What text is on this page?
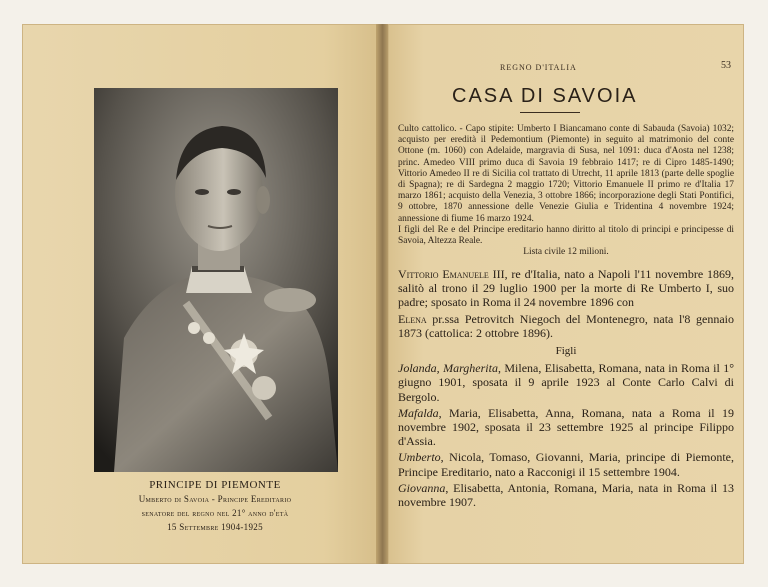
PRINCIPE DI PIEMONTE
Umberto di Savoia - Principe Ereditario
senatore del regno nel 21° anno d'età
15 Settembre 1904-1925
REGNO D'ITALIA	53
CASA DI SAVOIA

Culto cattolico. - Capo stipite: Umberto I Biancamano conte di Sabauda (Savoia) 1032; acquisto per eredità il Pedemontium (Piemonte) in seguito al matrimonio del conte Ottone (m. 1060) con Adelaide, margravia di Susa, nel 1091: duca d'Aosta nel 1238; princ. Amedeo VIII primo duca di Savoia 19 febbraio 1417; re di Cipro 1485-1490; Vittorio Amedeo II re di Sicilia col trattato di Utrecht, 11 aprile 1813 (parte delle spoglie di Spagna); re di Sardegna 2 maggio 1720; Vittorio Emanuele II primo re d'Italia 17 marzo 1861; acquisto della Venezia, 3 ottobre 1866; incorporazione degli Stati Pontifici, 9 ottobre, 1870 annessione delle Venezie Giulia e Tridentina 4 novembre 1924; annessione di fiume 16 marzo 1924.

I figli del Re e del Principe ereditario hanno diritto al titolo di principi e principesse di Savoia, Altezza Reale.

Lista civile 12 milioni.

Vittorio Emanuele III, re d'Italia, nato a Napoli l'11 novembre 1869, salitò al trono il 29 luglio 1900 per la morte di Re Umberto I, suo padre; sposato in Roma il 24 novembre 1896 con

Elena pr.ssa Petrovitch Niegoch del Montenegro, nata l'8 gennaio 1873 (cattolica: 2 ottobre 1896).

Figli

Jolanda, Margherita, Milena, Elisabetta, Romana, nata in Roma il 1° giugno 1901, sposata il 9 aprile 1923 al Conte Carlo Calvi di Bergolo.

Mafalda, Maria, Elisabetta, Anna, Romana, nata a Roma il 19 novembre 1902, sposata il 23 settembre 1925 al principe Filippo d'Assia.

Umberto, Nicola, Tomaso, Giovanni, Maria, principe di Piemonte, Principe Ereditario, nato a Racconigi il 15 settembre 1904.

Giovanna, Elisabetta, Antonia, Romana, Maria, nata in Roma il 13 novembre 1907.
